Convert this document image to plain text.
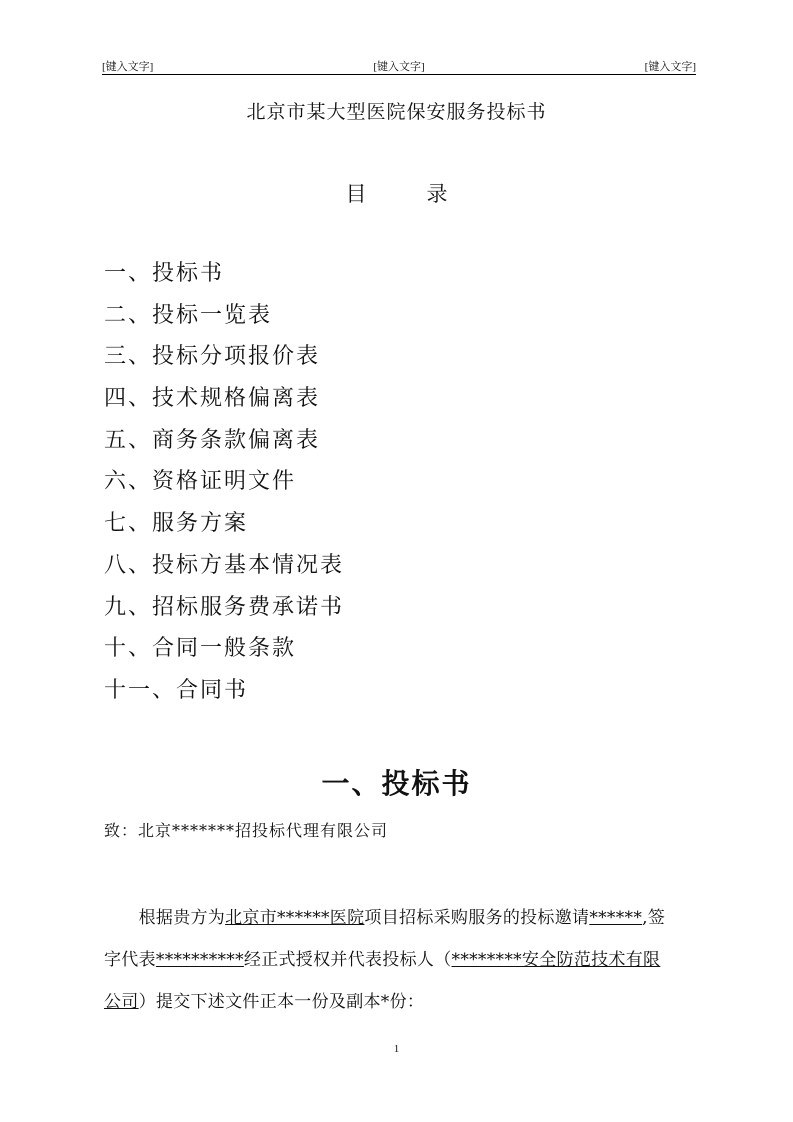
[键入文字]	[键入文字]	[键入文字]
北京市某大型医院保安服务投标书
目	录
一、投标书
二、投标一览表
三、投标分项报价表
四、技术规格偏离表
五、商务条款偏离表
六、资格证明文件
七、服务方案
八、投标方基本情况表
九、招标服务费承诺书
十、合同一般条款
十一、合同书
一、投标书
致：北京*******招投标代理有限公司
　　根据贵方为北京市******医院项目招标采购服务的投标邀请******,签
字代表**********经正式授权并代表投标人（********安全防范技术有限
公司）提交下述文件正本一份及副本*份：
1
